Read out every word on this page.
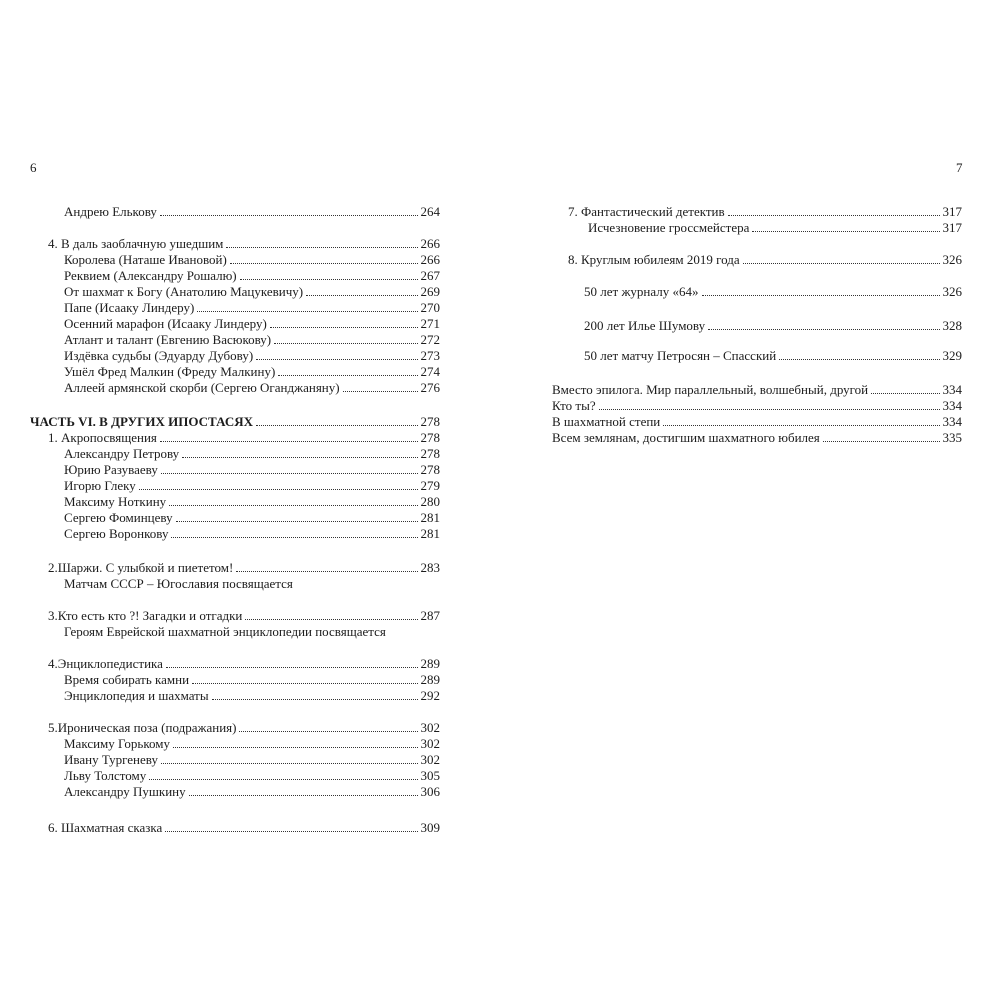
6	7
Андрею Елькову	264
4. В даль заоблачную ушедшим	266
Королева (Наташе Ивановой)	266
Реквием (Александру Рошалю)	267
От шахмат к Богу (Анатолию Мацукевичу)	269
Папе (Исааку Линдеру)	270
Осенний марафон (Исааку Линдеру)	271
Атлант и талант (Евгению Васюкову)	272
Издёвка судьбы (Эдуарду Дубову)	273
Ушёл Фред Малкин (Фреду Малкину)	274
Аллеей армянской скорби (Сергею Оганджаняну)	276
ЧАСТЬ VI. В ДРУГИХ ИПОСТАСЯХ	278
1. Акропосвящения	278
Александру Петрову	278
Юрию Разуваеву	278
Игорю Глеку	279
Максиму Ноткину	280
Сергею Фоминцеву	281
Сергею Воронкову	281
2.Шаржи. С улыбкой и пиететом!	283
Матчам СССР – Югославия посвящается
3.Кто есть кто ?! Загадки и отгадки	287
Героям Еврейской шахматной энциклопедии посвящается
4.Энциклопедистика	289
Время собирать камни	289
Энциклопедия и шахматы	292
5.Ироническая поза (подражания)	302
Максиму Горькому	302
Ивану Тургеневу	302
Льву Толстому	305
Александру Пушкину	306
6. Шахматная сказка	309
7. Фантастический детектив	317
Исчезновение гроссмейстера	317
8. Круглым юбилеям 2019 года	326
50 лет журналу «64»	326
200 лет Илье Шумову	328
50 лет матчу Петросян – Спасский	329
Вместо эпилога. Мир параллельный, волшебный, другой	334
Кто ты?	334
В шахматной степи	334
Всем землянам, достигшим шахматного юбилея	335
